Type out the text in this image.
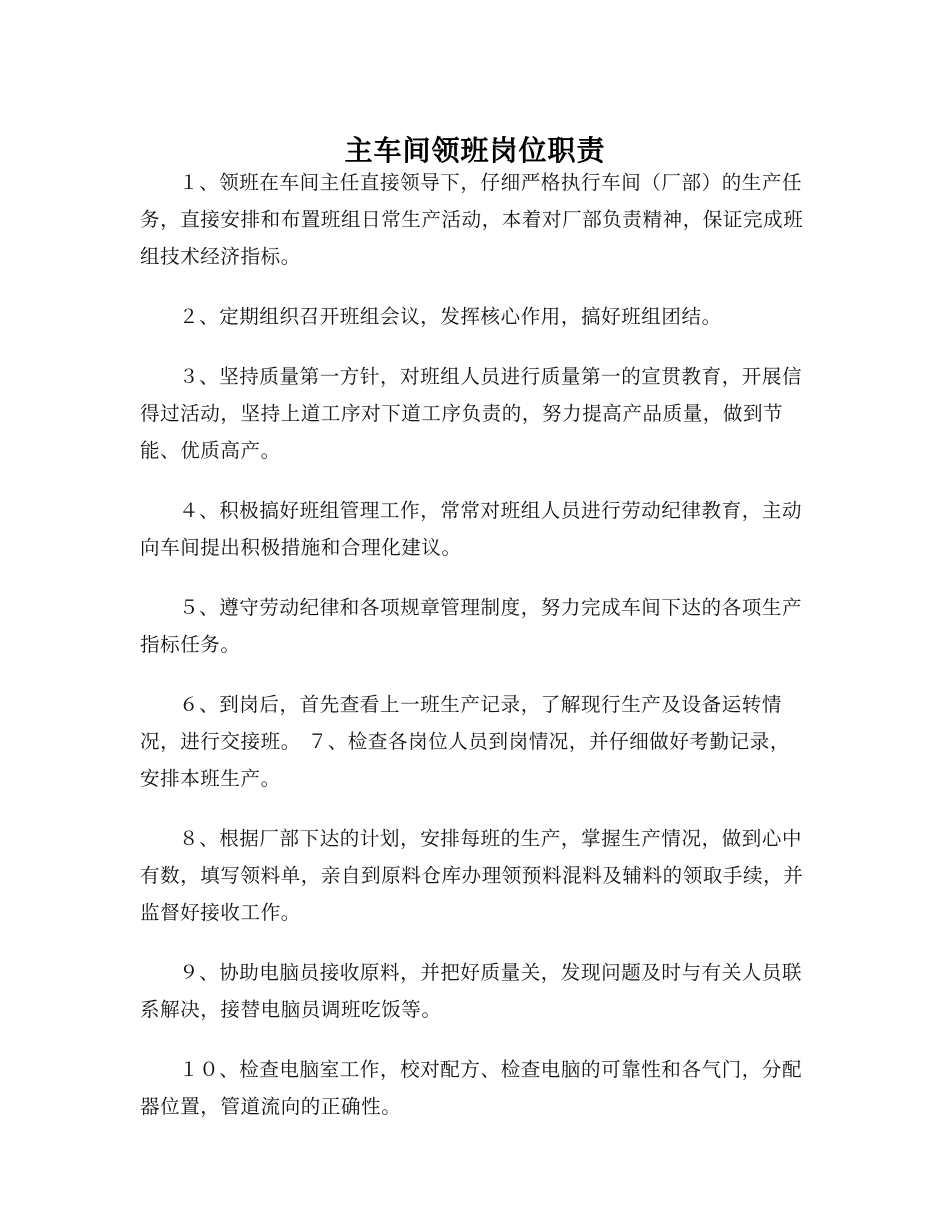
主车间领班岗位职责

１、领班在车间主任直接领导下，仔细严格执行车间（厂部）的生产任务，直接安排和布置班组日常生产活动，本着对厂部负责精神，保证完成班组技术经济指标。

２、定期组织召开班组会议，发挥核心作用，搞好班组团结。

３、坚持质量第一方针，对班组人员进行质量第一的宣贯教育，开展信得过活动，坚持上道工序对下道工序负责的，努力提高产品质量，做到节能、优质高产。

４、积极搞好班组管理工作，常常对班组人员进行劳动纪律教育，主动向车间提出积极措施和合理化建议。

５、遵守劳动纪律和各项规章管理制度，努力完成车间下达的各项生产指标任务。

６、到岗后，首先查看上一班生产记录，了解现行生产及设备运转情况，进行交接班。 ７、检查各岗位人员到岗情况，并仔细做好考勤记录，安排本班生产。

８、根据厂部下达的计划，安排每班的生产，掌握生产情况，做到心中有数，填写领料单，亲自到原料仓库办理领预料混料及辅料的领取手续，并监督好接收工作。

９、协助电脑员接收原料，并把好质量关，发现问题及时与有关人员联系解决，接替电脑员调班吃饭等。

１０、检查电脑室工作，校对配方、检查电脑的可靠性和各气门，分配器位置，管道流向的正确性。
